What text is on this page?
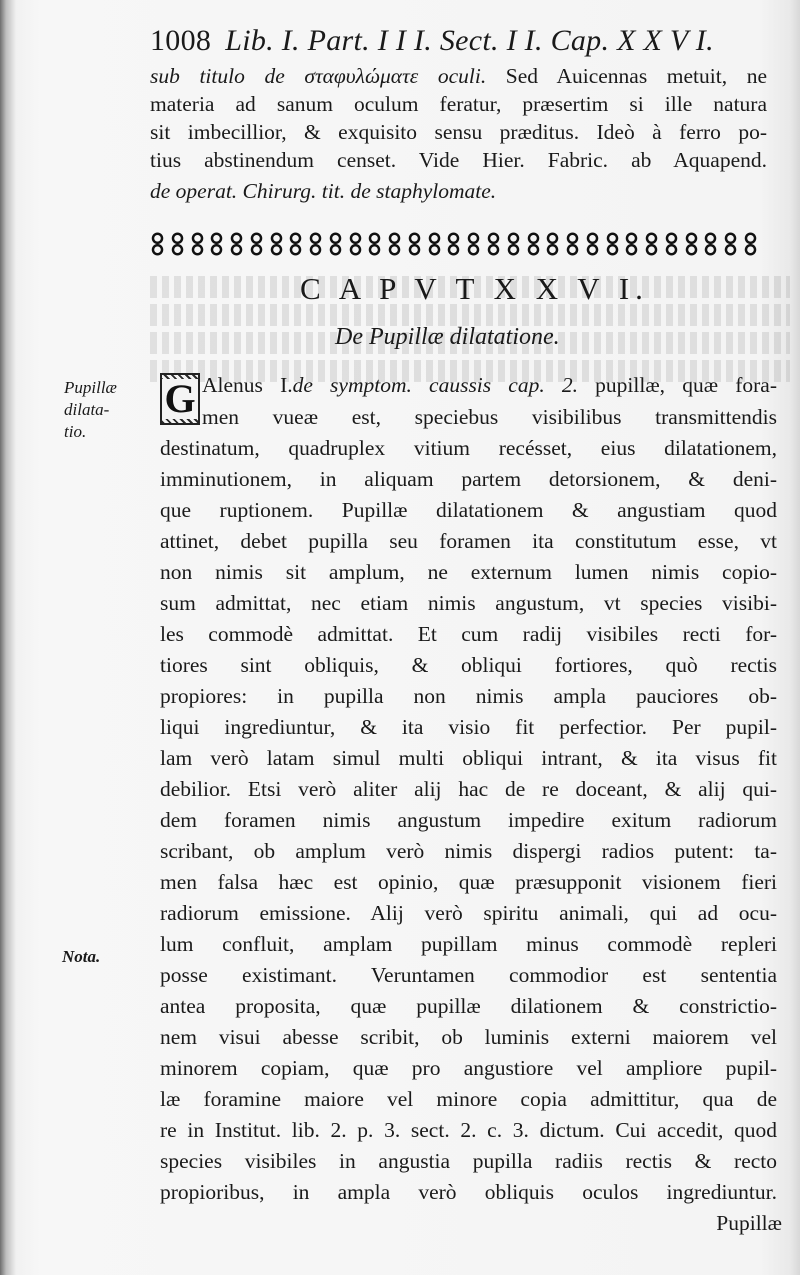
1008 Lib. I. Part. I I I. Sect. I I. Cap. X X V I.
sub titulo de σταφυλώματε oculi. Sed Auicennas metuit, ne
materia ad sanum oculum feratur, præsertim si ille natura
sit imbecillior, & exquisito sensu præditus. Ideò à ferro po-
tius abstinendum censet. Vide Hier. Fabric. ab Aquapend.
de operat. Chirurg. tit. de staphylomate.
C A P V T X X V I.
De Pupillæ dilatatione.
Pupillæ
dilata-
tio.
Nota.
G Alenus I.de symptom. caussis cap. 2. pupillæ, quæ fora-
men vueæ est, speciebus visibilibus transmittendis
destinatum, quadruplex vitium recésset, eius dilatationem,
imminutionem, in aliquam partem detorsionem, & deni-
que ruptionem. Pupillæ dilatationem & angustiam quod
attinet, debet pupilla seu foramen ita constitutum esse, vt
non nimis sit amplum, ne externum lumen nimis copio-
sum admittat, nec etiam nimis angustum, vt species visibi-
les commodè admittat. Et cum radij visibiles recti for-
tiores sint obliquis, & obliqui fortiores, quò rectis
propiores: in pupilla non nimis ampla pauciores ob-
liqui ingrediuntur, & ita visio fit perfectior. Per pupil-
lam verò latam simul multi obliqui intrant, & ita visus fit
debilior. Etsi verò aliter alij hac de re doceant, & alij qui-
dem foramen nimis angustum impedire exitum radiorum
scribant, ob amplum verò nimis dispergi radios putent: ta-
men falsa hæc est opinio, quæ præsupponit visionem fieri
radiorum emissione. Alij verò spiritu animali, qui ad ocu-
lum confluit, amplam pupillam minus commodè repleri
posse existimant. Veruntamen commodior est sententia
antea proposita, quæ pupillæ dilationem & constrictio-
nem visui abesse scribit, ob luminis externi maiorem vel
minorem copiam, quæ pro angustiore vel ampliore pupil-
læ foramine maiore vel minore copia admittitur, qua de
re in Institut. lib. 2. p. 3. sect. 2. c. 3. dictum. Cui accedit, quod
species visibiles in angustia pupilla radiis rectis & recto
propioribus, in ampla verò obliquis oculos ingrediuntur.
Pupillæ
